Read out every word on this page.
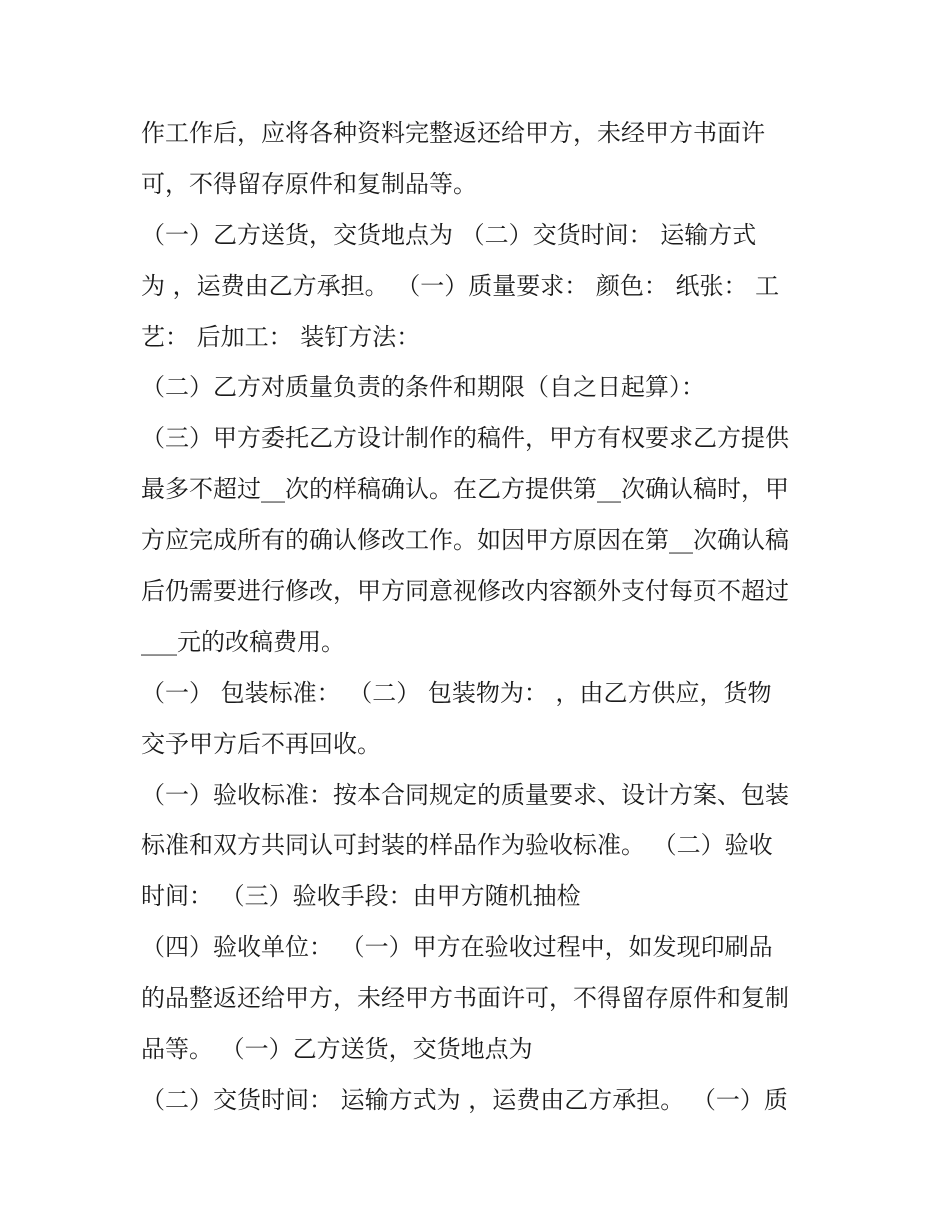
作工作后，应将各种资料完整返还给甲方，未经甲方书面许
可，不得留存原件和复制品等。
（一）乙方送货，交货地点为 （二）交货时间： 运输方式
为 ，运费由乙方承担。 （一）质量要求： 颜色： 纸张： 工
艺： 后加工： 装钉方法：
（二）乙方对质量负责的条件和期限（自之日起算）：
（三）甲方委托乙方设计制作的稿件，甲方有权要求乙方提供
最多不超过__次的样稿确认。在乙方提供第__次确认稿时，甲
方应完成所有的确认修改工作。如因甲方原因在第__次确认稿
后仍需要进行修改，甲方同意视修改内容额外支付每页不超过
___元的改稿费用。
（一） 包装标准： （二） 包装物为： ，由乙方供应，货物
交予甲方后不再回收。
（一）验收标准：按本合同规定的质量要求、设计方案、包装
标准和双方共同认可封装的样品作为验收标准。 （二）验收
时间： （三）验收手段：由甲方随机抽检
（四）验收单位： （一）甲方在验收过程中，如发现印刷品
的品整返还给甲方，未经甲方书面许可，不得留存原件和复制
品等。 （一）乙方送货，交货地点为
（二）交货时间： 运输方式为 ，运费由乙方承担。 （一）质
